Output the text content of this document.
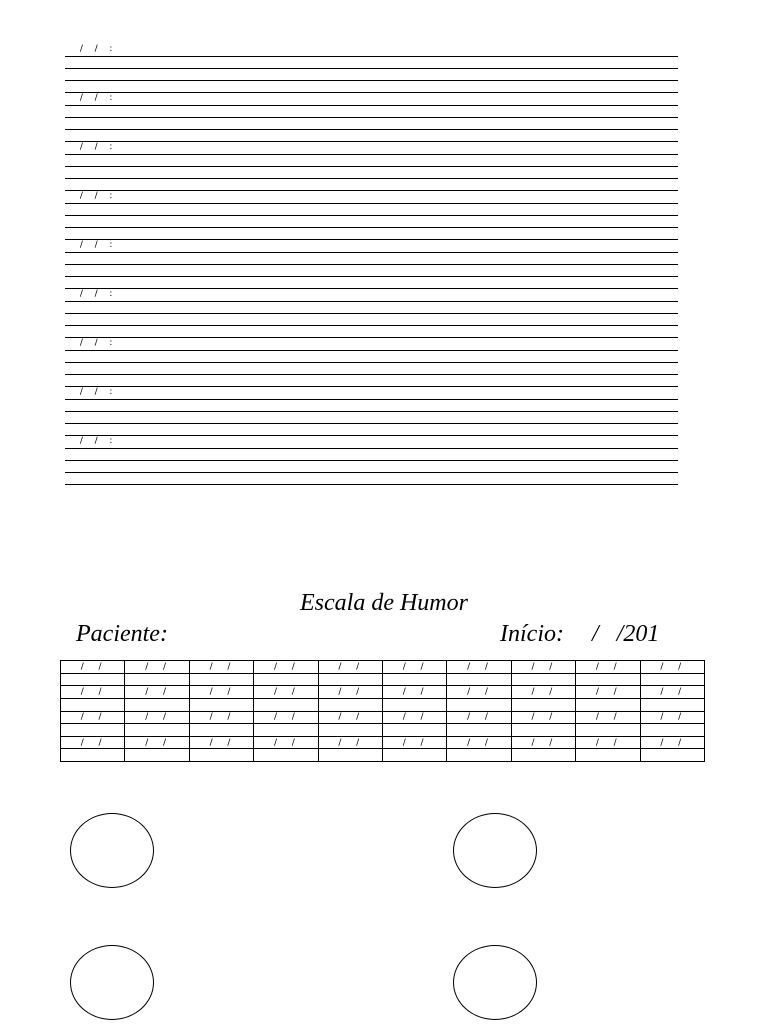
/  /  :
/  /  :
/  /  :
/  /  :
/  /  :
/  /  :
/  /  :
/  /  :
/  /  :
Escala de Humor
Paciente:	Início: /   /201
/  /	/  /	/  /	/  /	/  /	/  /	/  /	/  /	/  /	/  /

/  /	/  /	/  /	/  /	/  /	/  /	/  /	/  /	/  /	/  /

/  /	/  /	/  /	/  /	/  /	/  /	/  /	/  /	/  /	/  /

/  /	/  /	/  /	/  /	/  /	/  /	/  /	/  /	/  /	/  /
